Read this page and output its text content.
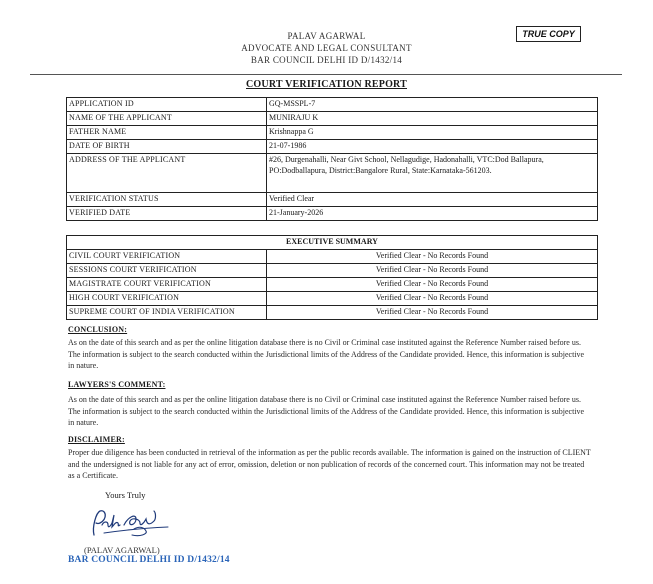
PALAV AGARWAL
ADVOCATE AND LEGAL CONSULTANT
BAR COUNCIL DELHI ID D/1432/14
TRUE COPY
COURT VERIFICATION REPORT
APPLICATION ID	GQ-MSSPL-7
NAME OF THE APPLICANT	MUNIRAJU K
FATHER NAME	Krishnappa G
DATE OF BIRTH	21-07-1986
ADDRESS OF THE APPLICANT	#26, Durgenahalli, Near Givt School, Nellagudige, Hadonahalli, VTC:Dod Ballapura, PO:Dodballapura, District:Bangalore Rural, State:Karnataka-561203.
VERIFICATION STATUS	Verified Clear
VERIFIED DATE	21-January-2026
EXECUTIVE SUMMARY	
CIVIL COURT VERIFICATION	Verified Clear - No Records Found
SESSIONS COURT VERIFICATION	Verified Clear - No Records Found
MAGISTRATE COURT VERIFICATION	Verified Clear - No Records Found
HIGH COURT VERIFICATION	Verified Clear - No Records Found
SUPREME COURT OF INDIA VERIFICATION	Verified Clear - No Records Found
CONCLUSION:
As on the date of this search and as per the online litigation database there is no Civil or Criminal case instituted against the Reference Number raised before us. The information is subject to the search conducted within the Jurisdictional limits of the Address of the Candidate provided. Hence, this information is subjective in nature.
LAWYERS'S COMMENT:
As on the date of this search and as per the online litigation database there is no Civil or Criminal case instituted against the Reference Number raised before us. The information is subject to the search conducted within the Jurisdictional limits of the Address of the Candidate provided. Hence, this information is subjective in nature.
DISCLAIMER:
Proper due diligence has been conducted in retrieval of the information as per the public records available. The information is gained on the instruction of CLIENT and the undersigned is not liable for any act of error, omission, deletion or non publication of records of the concerned court. This information may not be treated as a Certificate.
Yours Truly
(PALAV AGARWAL)
BAR COUNCIL DELHI ID D/1432/14
